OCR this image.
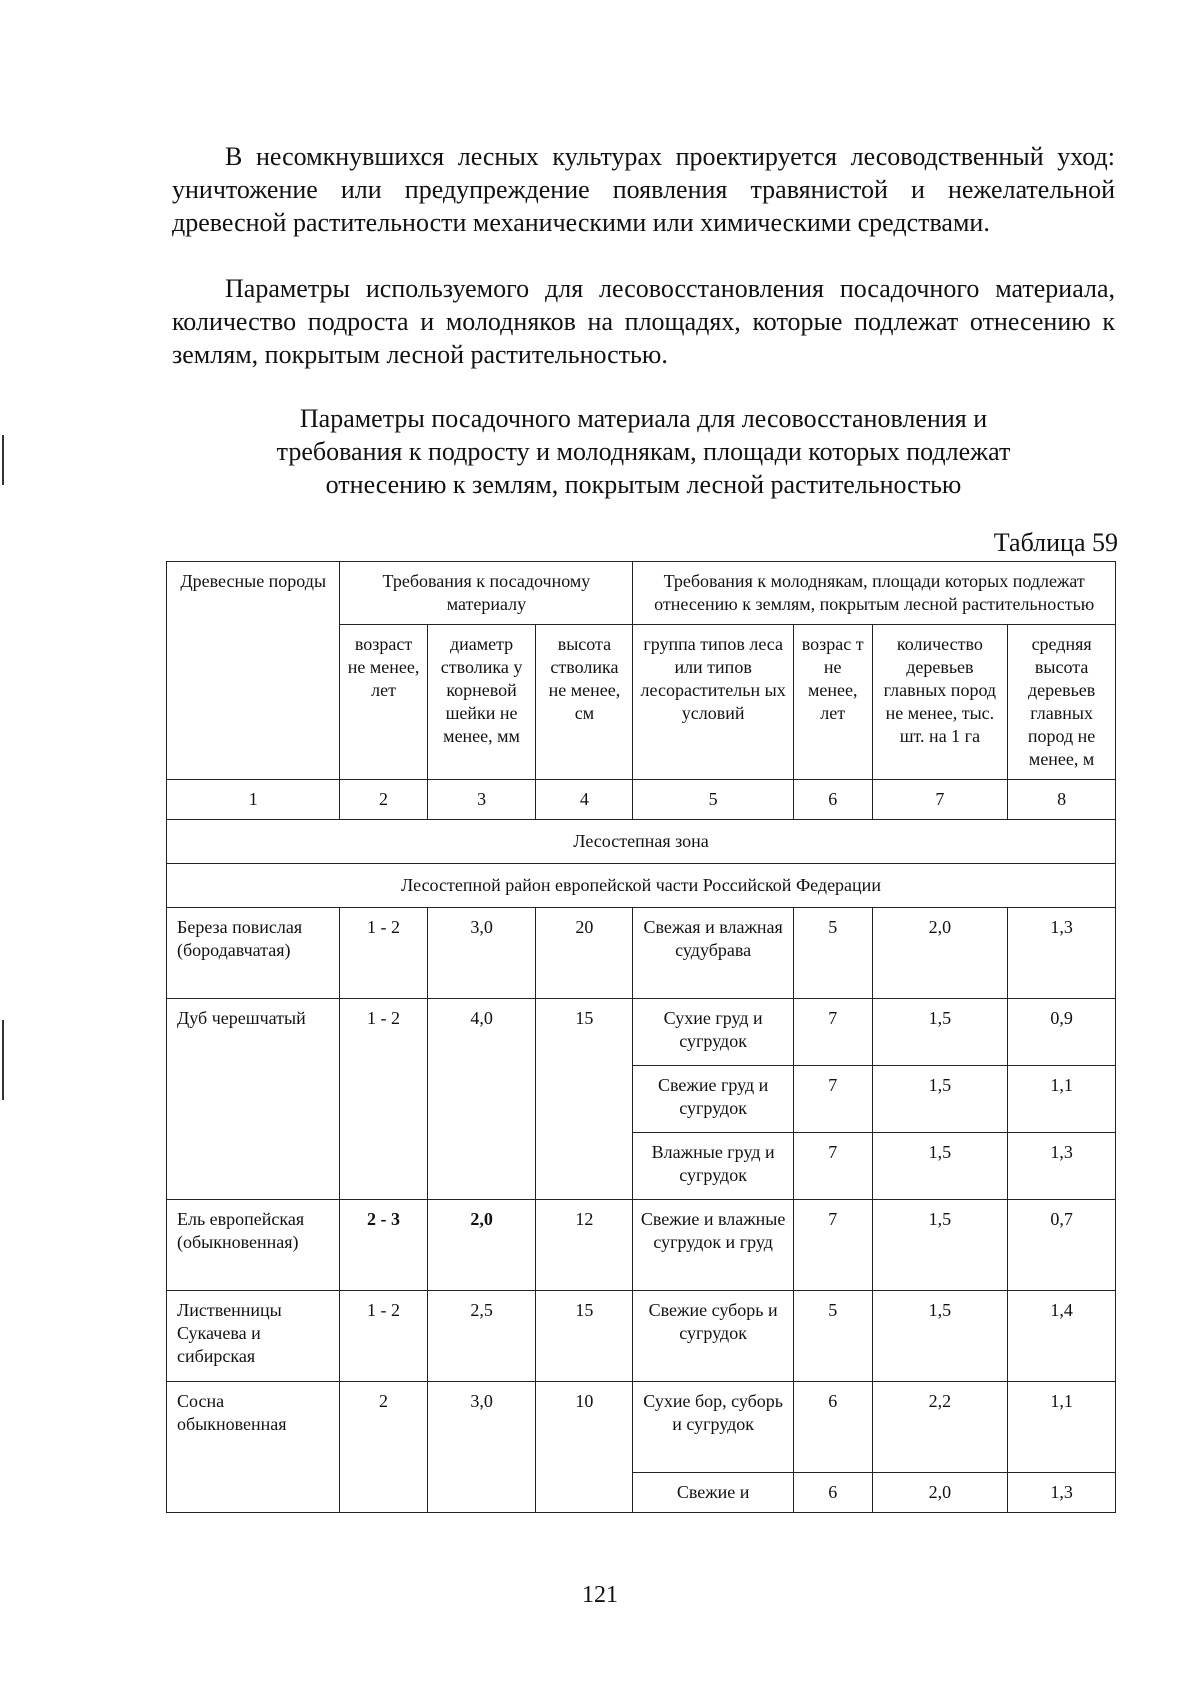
В несомкнувшихся лесных культурах проектируется лесоводственный уход: уничтожение или предупреждение появления травянистой и нежелательной древесной растительности механическими или химическими средствами.

Параметры используемого для лесовосстановления посадочного материала, количество подроста и молодняков на площадях, которые подлежат отнесению к землям, покрытым лесной растительностью.

Параметры посадочного материала для лесовосстановления и

требования к подросту и молоднякам, площади которых подлежат

отнесению к землям, покрытым лесной растительностью

Таблица 59
Древесные породы	Требования к посадочному материалу			Требования к молоднякам, площади которых подлежат отнесению к землям, покрытым лесной растительностью			
	возраст не менее, лет	диаметр стволика у корневой шейки не менее, мм	высота стволика не менее, см	группа типов леса или типов лесорастительн ых условий	возрас т не менее, лет	количество деревьев главных пород не менее, тыс. шт. на 1 га	средняя высота деревьев главных пород не менее, м
1	2	3	4	5	6	7	8
Лесостепная зона							
Лесостепной район европейской части Российской Федерации							
Береза повислая (бородавчатая)	1 - 2	3,0	20	Свежая и влажная судубрава	5	2,0	1,3
Дуб черешчатый	1 - 2	4,0	15	Сухие груд и сугрудок	7	1,5	0,9
				Свежие груд и сугрудок	7	1,5	1,1
				Влажные груд и сугрудок	7	1,5	1,3
Ель европейская (обыкновенная)	2 - 3	2,0	12	Свежие и влажные сугрудок и груд	7	1,5	0,7
Лиственницы Сукачева и сибирская	1 - 2	2,5	15	Свежие суборь и сугрудок	5	1,5	1,4
Сосна обыкновенная	2	3,0	10	Сухие бор, суборь и сугрудок	6	2,2	1,1
				Свежие и	6	2,0	1,3
121
